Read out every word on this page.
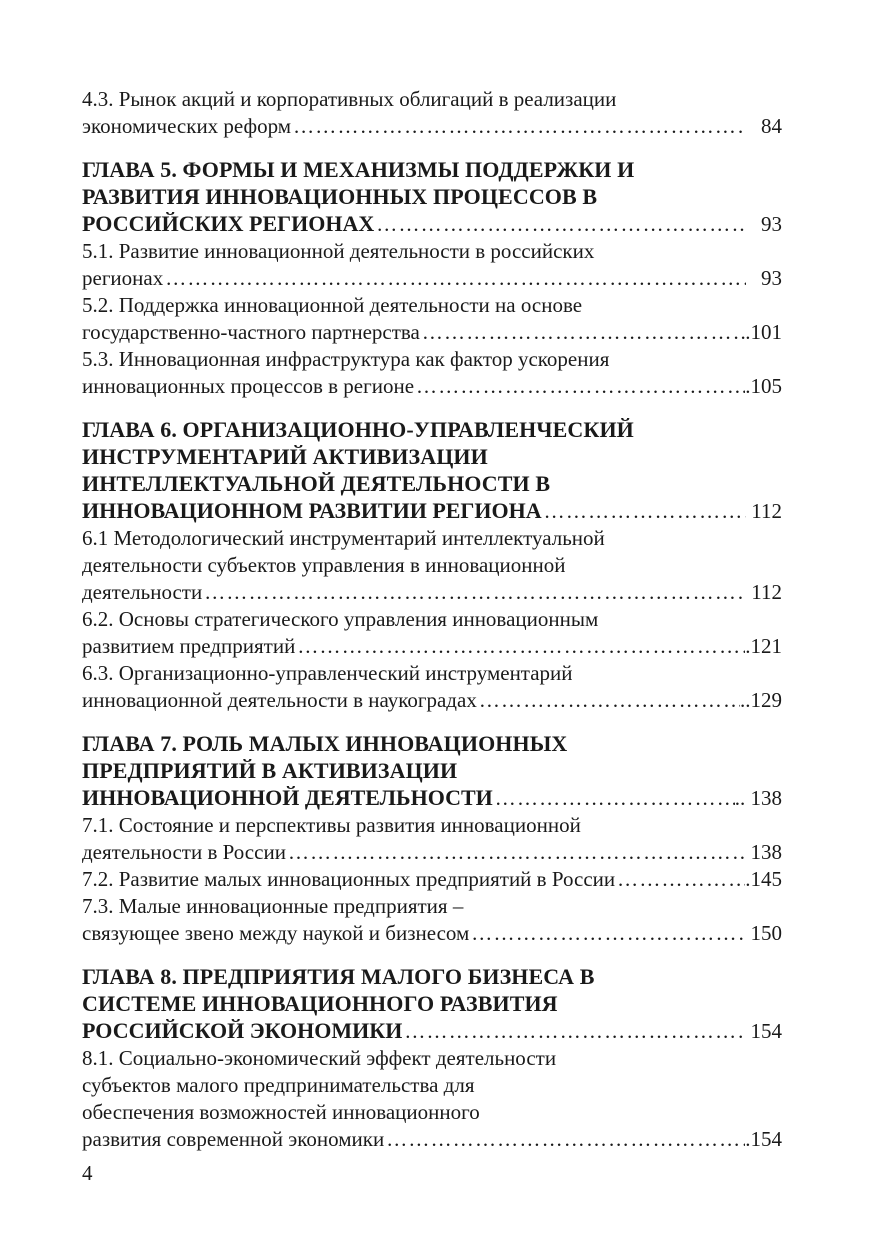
4.3. Рынок акций и корпоративных облигаций в реализации
экономических реформ ………………………………………………………………………………………………………………………………………………	84
ГЛАВА 5. ФОРМЫ И МЕХАНИЗМЫ ПОДДЕРЖКИ И
РАЗВИТИЯ ИННОВАЦИОННЫХ ПРОЦЕССОВ В
РОССИЙСКИХ РЕГИОНАХ ………………………………………………………………………………………………………………………………………………	93
5.1. Развитие инновационной деятельности в российских
регионах ………………………………………………………………………………………………………………………………………………	93
5.2. Поддержка инновационной деятельности на основе
государственно-частного партнерства ………………………………………………………………………………………………………………………………………………	.101
5.3. Инновационная инфраструктура как фактор ускорения
инновационных процессов в регионе ………………………………………………………………………………………………………………………………………………	.105
ГЛАВА 6. ОРГАНИЗАЦИОННО-УПРАВЛЕНЧЕСКИЙ
ИНСТРУМЕНТАРИЙ АКТИВИЗАЦИИ
ИНТЕЛЛЕКТУАЛЬНОЙ ДЕЯТЕЛЬНОСТИ В
ИННОВАЦИОННОМ РАЗВИТИИ РЕГИОНА ………………………………………………………………………………………………………………………………………………	112
6.1 Методологический инструментарий интеллектуальной
деятельности субъектов управления в инновационной
деятельности ………………………………………………………………………………………………………………………………………………	112
6.2. Основы стратегического управления инновационным
развитием предприятий ………………………………………………………………………………………………………………………………………………	.121
6.3. Организационно-управленческий инструментарий
инновационной деятельности в наукоградах ………………………………………………………………………………………………………………………………………………	..129
ГЛАВА 7. РОЛЬ МАЛЫХ ИННОВАЦИОННЫХ
ПРЕДПРИЯТИЙ В АКТИВИЗАЦИИ
ИННОВАЦИОННОЙ ДЕЯТЕЛЬНОСТИ ………………………………………………………………………………………………………………………………………………	.. 138
7.1. Состояние и перспективы развития инновационной
деятельности в России ………………………………………………………………………………………………………………………………………………	138
7.2. Развитие малых инновационных предприятий в России ………………………………………………………………………………………………………………………………………………	.145
7.3. Малые инновационные предприятия –
связующее звено между наукой и бизнесом ………………………………………………………………………………………………………………………………………………	150
ГЛАВА 8. ПРЕДПРИЯТИЯ МАЛОГО БИЗНЕСА В
СИСТЕМЕ ИННОВАЦИОННОГО РАЗВИТИЯ
РОССИЙСКОЙ ЭКОНОМИКИ ………………………………………………………………………………………………………………………………………………	154
8.1. Социально-экономический эффект деятельности
субъектов малого предпринимательства для
обеспечения возможностей инновационного
развития современной экономики ………………………………………………………………………………………………………………………………………………	.154
4
